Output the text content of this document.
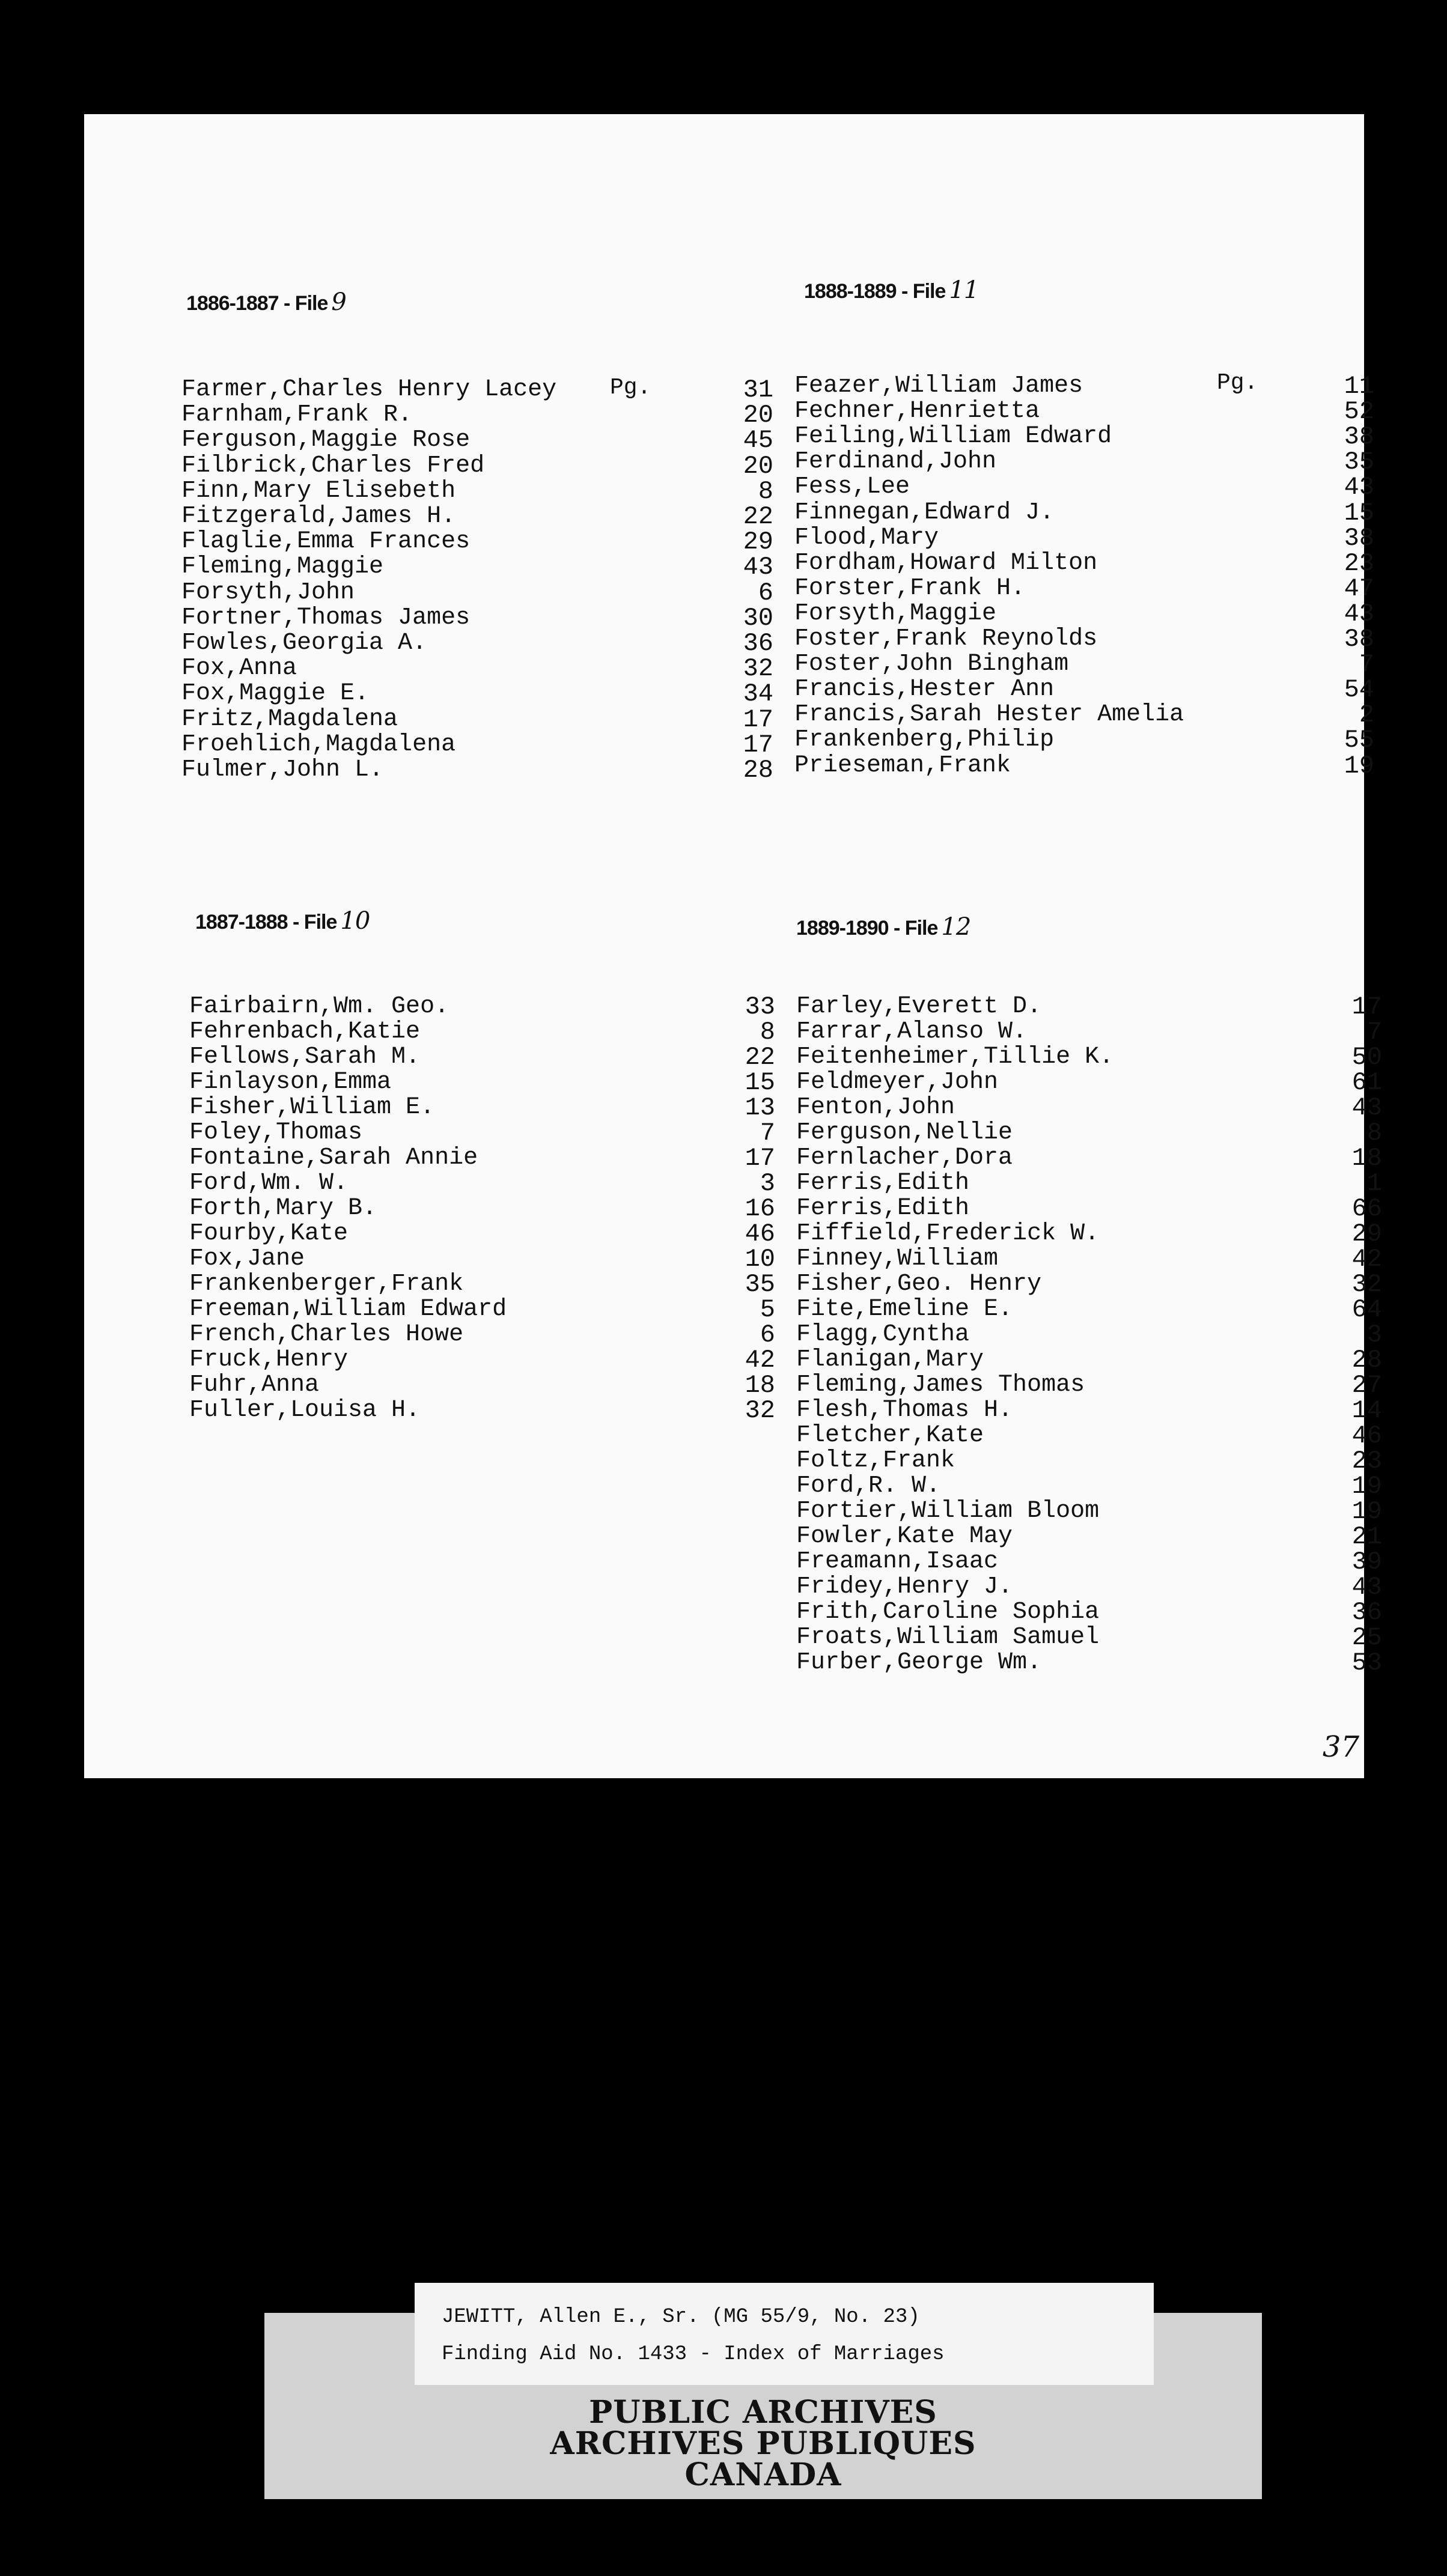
1886-1887 - File 9
Farmer,Charles Henry Lacey	31
Farnham,Frank R.	20
Ferguson,Maggie Rose	45
Filbrick,Charles Fred	20
Finn,Mary Elisebeth	8
Fitzgerald,James H.	22
Flaglie,Emma Frances	29
Fleming,Maggie	43
Forsyth,John	6
Fortner,Thomas James	30
Fowles,Georgia A.	36
Fox,Anna	32
Fox,Maggie E.	34
Fritz,Magdalena	17
Froehlich,Magdalena	17
Fulmer,John L.	28
Pg.
1888-1889 - File 11
Feazer,William James	11
Fechner,Henrietta	52
Feiling,William Edward	38
Ferdinand,John	35
Fess,Lee	43
Finnegan,Edward J.	15
Flood,Mary	38
Fordham,Howard Milton	23
Forster,Frank H.	47
Forsyth,Maggie	43
Foster,Frank Reynolds	38
Foster,John Bingham	7
Francis,Hester Ann	54
Francis,Sarah Hester Amelia	2
Frankenberg,Philip	55
Prieseman,Frank	19
Pg.
1887-1888 - File 10
Fairbairn,Wm. Geo.	33
Fehrenbach,Katie	8
Fellows,Sarah M.	22
Finlayson,Emma	15
Fisher,William E.	13
Foley,Thomas	7
Fontaine,Sarah Annie	17
Ford,Wm. W.	3
Forth,Mary B.	16
Fourby,Kate	46
Fox,Jane	10
Frankenberger,Frank	35
Freeman,William Edward	5
French,Charles Howe	6
Fruck,Henry	42
Fuhr,Anna	18
Fuller,Louisa H.	32
1889-1890 - File 12
Farley,Everett D.	17
Farrar,Alanso W.	7
Feitenheimer,Tillie K.	50
Feldmeyer,John	61
Fenton,John	43
Ferguson,Nellie	8
Fernlacher,Dora	18
Ferris,Edith	1
Ferris,Edith	66
Fiffield,Frederick W.	29
Finney,William	42
Fisher,Geo. Henry	32
Fite,Emeline E.	64
Flagg,Cyntha	3
Flanigan,Mary	28
Fleming,James Thomas	27
Flesh,Thomas H.	14
Fletcher,Kate	46
Foltz,Frank	23
Ford,R. W.	19
Fortier,William Bloom	19
Fowler,Kate May	21
Freamann,Isaac	39
Fridey,Henry J.	43
Frith,Caroline Sophia	36
Froats,William Samuel	25
Furber,George Wm.	53
37
PUBLIC ARCHIVES
ARCHIVES PUBLIQUES
CANADA
JEWITT, Allen E., Sr. (MG 55/9, No. 23)
Finding Aid No. 1433 - Index of Marriages
